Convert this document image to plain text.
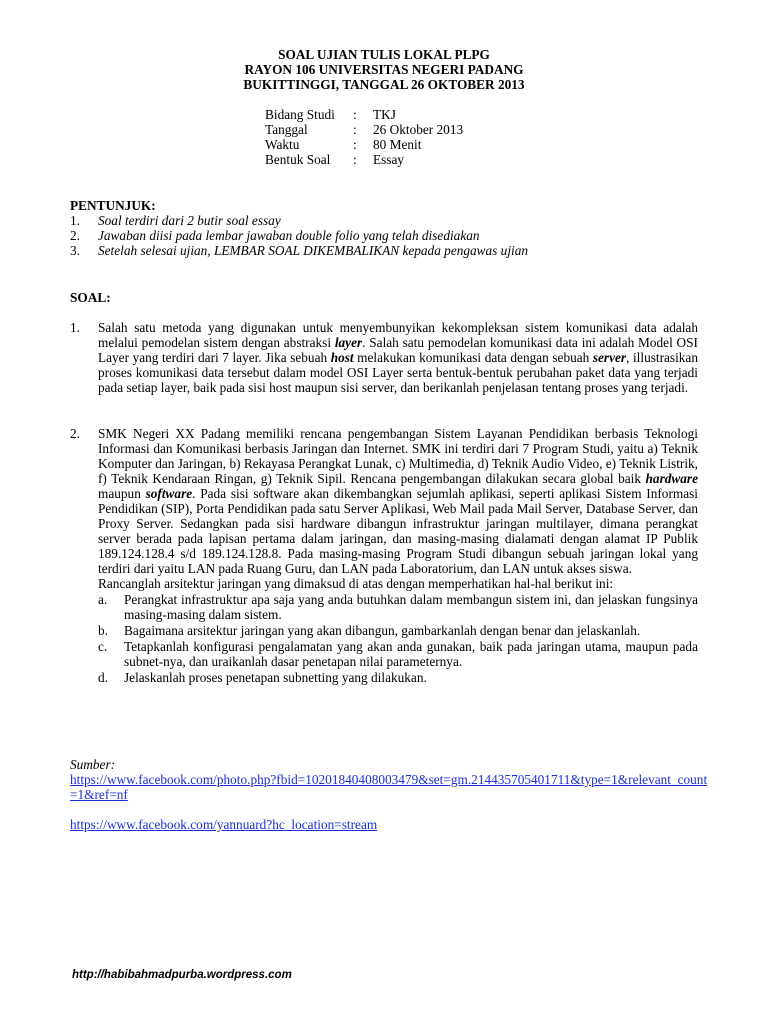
SOAL UJIAN TULIS LOKAL PLPG
RAYON 106 UNIVERSITAS NEGERI PADANG
BUKITTINGGI, TANGGAL 26 OKTOBER 2013
Bidang Studi	:	TKJ
Tanggal	:	26 Oktober 2013
Waktu	:	80 Menit
Bentuk Soal	:	Essay
PENTUNJUK:
1.	Soal terdiri dari 2 butir soal essay
2.	Jawaban diisi pada lembar jawaban double folio yang telah disediakan
3.	Setelah selesai ujian, LEMBAR SOAL DIKEMBALIKAN kepada pengawas ujian
SOAL:
1. Salah satu metoda yang digunakan untuk menyembunyikan kekompleksan sistem komunikasi data adalah melalui pemodelan sistem dengan abstraksi layer. Salah satu pemodelan komunikasi data ini adalah Model OSI Layer yang terdiri dari 7 layer. Jika sebuah host melakukan komunikasi data dengan sebuah server, illustrasikan proses komunikasi data tersebut dalam model OSI Layer serta bentuk-bentuk perubahan paket data yang terjadi pada setiap layer, baik pada sisi host maupun sisi server, dan berikanlah penjelasan tentang proses yang terjadi.
2. SMK Negeri XX Padang memiliki rencana pengembangan Sistem Layanan Pendidikan berbasis Teknologi Informasi dan Komunikasi berbasis Jaringan dan Internet. SMK ini terdiri dari 7 Program Studi, yaitu a) Teknik Komputer dan Jaringan, b) Rekayasa Perangkat Lunak, c) Multimedia, d) Teknik Audio Video, e) Teknik Listrik, f) Teknik Kendaraan Ringan, g) Teknik Sipil. Rencana pengembangan dilakukan secara global baik hardware maupun software. Pada sisi software akan dikembangkan sejumlah aplikasi, seperti aplikasi Sistem Informasi Pendidikan (SIP), Porta Pendidikan pada satu Server Aplikasi, Web Mail pada Mail Server, Database Server, dan Proxy Server. Sedangkan pada sisi hardware dibangun infrastruktur jaringan multilayer, dimana perangkat server berada pada lapisan pertama dalam jaringan, dan masing-masing dialamati dengan alamat IP Publik 189.124.128.4 s/d 189.124.128.8. Pada masing-masing Program Studi dibangun sebuah jaringan lokal yang terdiri dari yaitu LAN pada Ruang Guru, dan LAN pada Laboratorium, dan LAN untuk akses siswa.
Rancanglah arsitektur jaringan yang dimaksud di atas dengan memperhatikan hal-hal berikut ini:
a.	Perangkat infrastruktur apa saja yang anda butuhkan dalam membangun sistem ini, dan jelaskan fungsinya masing-masing dalam sistem.
b.	Bagaimana arsitektur jaringan yang akan dibangun, gambarkanlah dengan benar dan jelaskanlah.
c.	Tetapkanlah konfigurasi pengalamatan yang akan anda gunakan, baik pada jaringan utama, maupun pada subnet-nya, dan uraikanlah dasar penetapan nilai parameternya.
d.	Jelaskanlah proses penetapan subnetting yang dilakukan.
Sumber:
https://www.facebook.com/photo.php?fbid=10201840408003479&set=gm.214435705401711&type=1&relevant_count=1&ref=nf
https://www.facebook.com/yannuard?hc_location=stream
http://habibahmadpurba.wordpress.com
